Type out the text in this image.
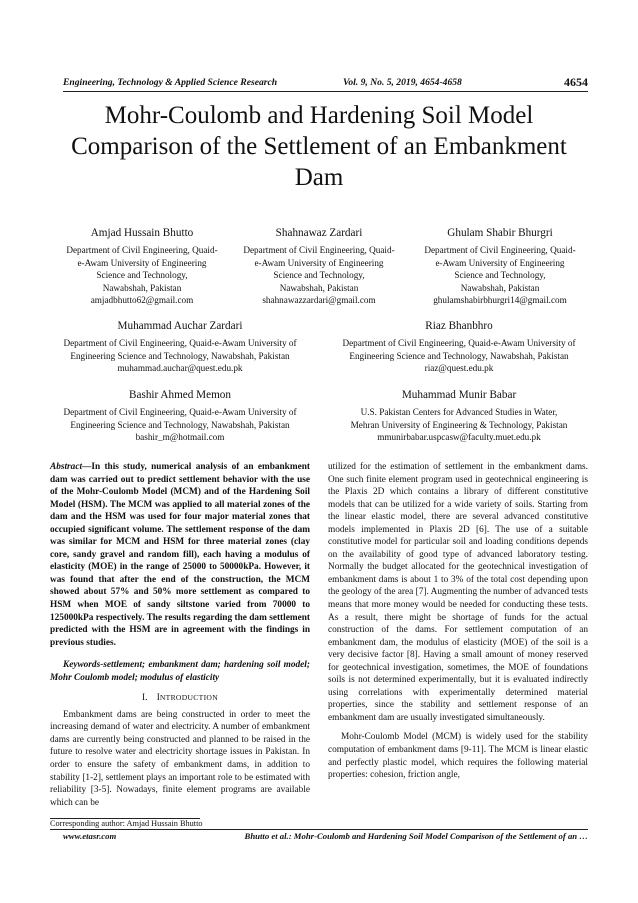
Engineering, Technology & Applied Science Research	Vol. 9, No. 5, 2019, 4654-4658	4654
Mohr-Coulomb and Hardening Soil Model
Comparison of the Settlement of an Embankment
Dam
Amjad Hussain Bhutto
Department of Civil Engineering, Quaid-
e-Awam University of Engineering
Science and Technology,
Nawabshah, Pakistan
amjadbhutto62@gmail.com
Shahnawaz Zardari
Department of Civil Engineering, Quaid-
e-Awam University of Engineering
Science and Technology,
Nawabshah, Pakistan
shahnawazzardari@gmail.com
Ghulam Shabir Bhurgri
Department of Civil Engineering, Quaid-
e-Awam University of Engineering
Science and Technology,
Nawabshah, Pakistan
ghulamshabirbhurgri14@gmail.com
Muhammad Auchar Zardari
Department of Civil Engineering, Quaid-e-Awam University of
Engineering Science and Technology, Nawabshah, Pakistan
muhammad.auchar@quest.edu.pk
Riaz Bhanbhro
Department of Civil Engineering, Quaid-e-Awam University of
Engineering Science and Technology, Nawabshah, Pakistan
riaz@quest.edu.pk
Bashir Ahmed Memon
Department of Civil Engineering, Quaid-e-Awam University of
Engineering Science and Technology, Nawabshah, Pakistan
bashir_m@hotmail.com
Muhammad Munir Babar
U.S. Pakistan Centers for Advanced Studies in Water,
Mehran University of Engineering & Technology, Pakistan
mmunirbabar.uspcasw@faculty.muet.edu.pk
Abstract—In this study, numerical analysis of an embankment dam was carried out to predict settlement behavior with the use of the Mohr-Coulomb Model (MCM) and of the Hardening Soil Model (HSM). The MCM was applied to all material zones of the dam and the HSM was used for four major material zones that occupied significant volume. The settlement response of the dam was similar for MCM and HSM for three material zones (clay core, sandy gravel and random fill), each having a modulus of elasticity (MOE) in the range of 25000 to 50000kPa. However, it was found that after the end of the construction, the MCM showed about 57% and 50% more settlement as compared to HSM when MOE of sandy siltstone varied from 70000 to 125000kPa respectively. The results regarding the dam settlement predicted with the HSM are in agreement with the findings in previous studies.
Keywords-settlement; embankment dam; hardening soil model; Mohr Coulomb model; modulus of elasticity
I. INTRODUCTION
Embankment dams are being constructed in order to meet the increasing demand of water and electricity. A number of embankment dams are currently being constructed and planned to be raised in the future to resolve water and electricity shortage issues in Pakistan. In order to ensure the safety of embankment dams, in addition to stability [1-2], settlement plays an important role to be estimated with reliability [3-5]. Nowadays, finite element programs are available which can be
utilized for the estimation of settlement in the embankment dams. One such finite element program used in geotechnical engineering is the Plaxis 2D which contains a library of different constitutive models that can be utilized for a wide variety of soils. Starting from the linear elastic model, there are several advanced constitutive models implemented in Plaxis 2D [6]. The use of a suitable constitutive model for particular soil and loading conditions depends on the availability of good type of advanced laboratory testing. Normally the budget allocated for the geotechnical investigation of embankment dams is about 1 to 3% of the total cost depending upon the geology of the area [7]. Augmenting the number of advanced tests means that more money would be needed for conducting these tests. As a result, there might be shortage of funds for the actual construction of the dams. For settlement computation of an embankment dam, the modulus of elasticity (MOE) of the soil is a very decisive factor [8]. Having a small amount of money reserved for geotechnical investigation, sometimes, the MOE of foundations soils is not determined experimentally, but it is evaluated indirectly using correlations with experimentally determined material properties, since the stability and settlement response of an embankment dam are usually investigated simultaneously.
Mohr-Coulomb Model (MCM) is widely used for the stability computation of embankment dams [9-11]. The MCM is linear elastic and perfectly plastic model, which requires the following material properties: cohesion, friction angle,
Corresponding author: Amjad Hussain Bhutto
www.etasr.com	Bhutto et al.: Mohr-Coulomb and Hardening Soil Model Comparison of the Settlement of an …
